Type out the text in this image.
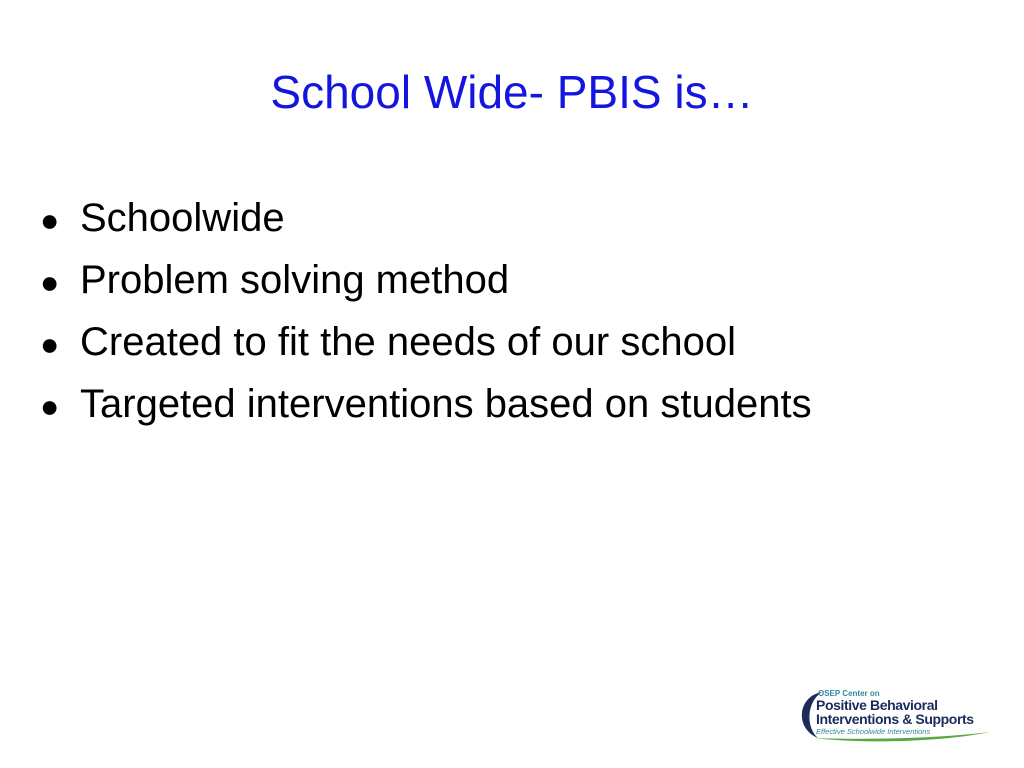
School Wide- PBIS is…
● Schoolwide
● Problem solving method
● Created to fit the needs of our school
● Targeted interventions based on students
OSEP Center on
Positive Behavioral
Interventions & Supports
Effective Schoolwide Interventions
